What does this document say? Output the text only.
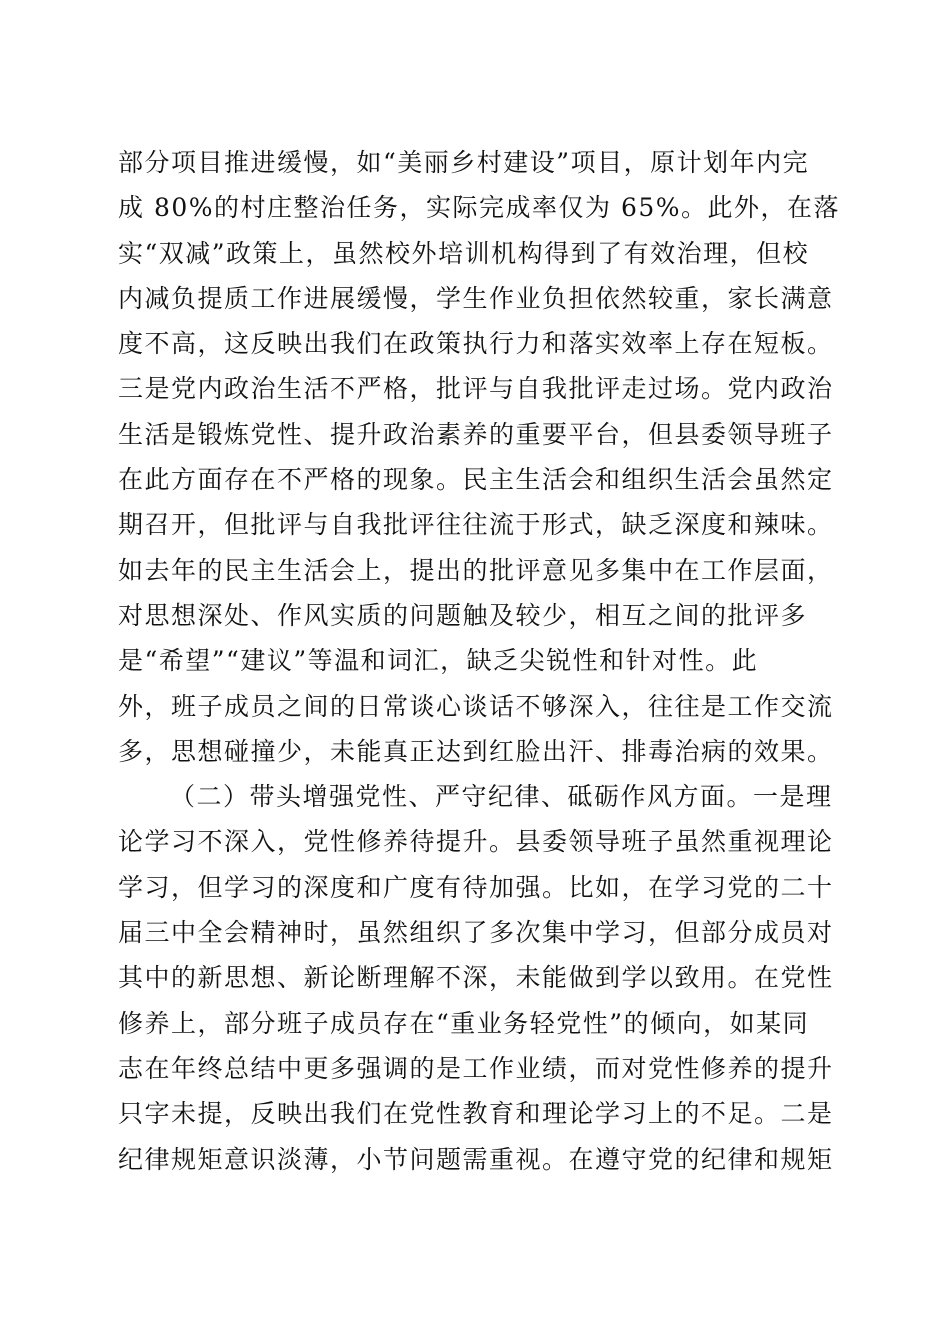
部分项目推进缓慢，如“美丽乡村建设”项目，原计划年内完
成 80%的村庄整治任务，实际完成率仅为 65%。此外，在落
实“双减”政策上，虽然校外培训机构得到了有效治理，但校
内减负提质工作进展缓慢，学生作业负担依然较重，家长满意
度不高，这反映出我们在政策执行力和落实效率上存在短板。
三是党内政治生活不严格，批评与自我批评走过场。党内政治
生活是锻炼党性、提升政治素养的重要平台，但县委领导班子
在此方面存在不严格的现象。民主生活会和组织生活会虽然定
期召开，但批评与自我批评往往流于形式，缺乏深度和辣味。
如去年的民主生活会上，提出的批评意见多集中在工作层面，
对思想深处、作风实质的问题触及较少，相互之间的批评多
是“希望”“建议”等温和词汇，缺乏尖锐性和针对性。此
外，班子成员之间的日常谈心谈话不够深入，往往是工作交流
多，思想碰撞少，未能真正达到红脸出汗、排毒治病的效果。
（二）带头增强党性、严守纪律、砥砺作风方面。一是理
论学习不深入，党性修养待提升。县委领导班子虽然重视理论
学习，但学习的深度和广度有待加强。比如，在学习党的二十
届三中全会精神时，虽然组织了多次集中学习，但部分成员对
其中的新思想、新论断理解不深，未能做到学以致用。在党性
修养上，部分班子成员存在“重业务轻党性”的倾向，如某同
志在年终总结中更多强调的是工作业绩，而对党性修养的提升
只字未提，反映出我们在党性教育和理论学习上的不足。二是
纪律规矩意识淡薄，小节问题需重视。在遵守党的纪律和规矩
